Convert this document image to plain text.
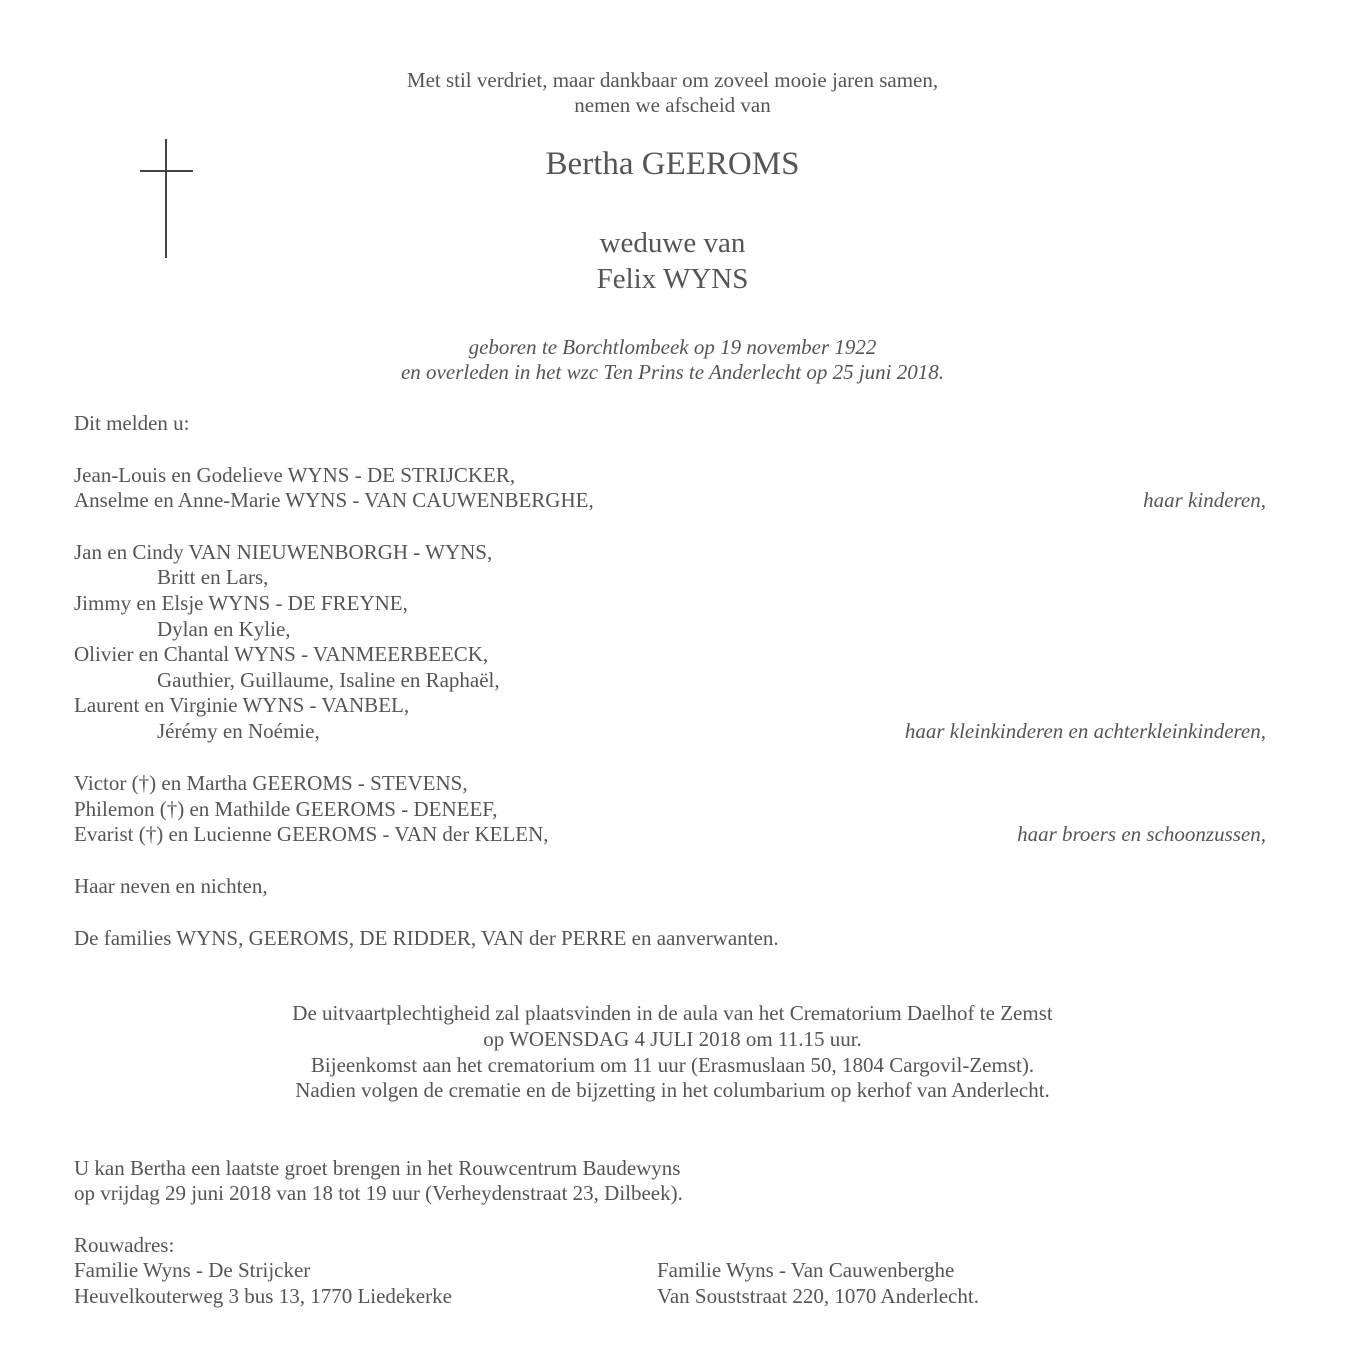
Met stil verdriet, maar dankbaar om zoveel mooie jaren samen,
nemen we afscheid van
Bertha GEEROMS
weduwe van
Felix WYNS
geboren te Borchtlombeek op 19 november 1922
en overleden in het wzc Ten Prins te Anderlecht op 25 juni 2018.
Dit melden u:
Jean-Louis en Godelieve WYNS - DE STRIJCKER,
Anselme en Anne-Marie WYNS - VAN CAUWENBERGHE,	haar kinderen,
Jan en Cindy VAN NIEUWENBORGH - WYNS,
Britt en Lars,
Jimmy en Elsje WYNS - DE FREYNE,
Dylan en Kylie,
Olivier en Chantal WYNS - VANMEERBEECK,
Gauthier, Guillaume, Isaline en Raphaël,
Laurent en Virginie WYNS - VANBEL,
Jérémy en Noémie,	haar kleinkinderen en achterkleinkinderen,
Victor (†) en Martha GEEROMS - STEVENS,
Philemon (†) en Mathilde GEEROMS - DENEEF,
Evarist (†) en Lucienne GEEROMS - VAN der KELEN,	haar broers en schoonzussen,
Haar neven en nichten,
De families WYNS, GEEROMS, DE RIDDER, VAN der PERRE en aanverwanten.
De uitvaartplechtigheid zal plaatsvinden in de aula van het Crematorium Daelhof te Zemst
op WOENSDAG 4 JULI 2018 om 11.15 uur.
Bijeenkomst aan het crematorium om 11 uur (Erasmuslaan 50, 1804 Cargovil-Zemst).
Nadien volgen de crematie en de bijzetting in het columbarium op kerhof van Anderlecht.
U kan Bertha een laatste groet brengen in het Rouwcentrum Baudewyns
op vrijdag 29 juni 2018 van 18 tot 19 uur (Verheydenstraat 23, Dilbeek).
Rouwadres:
Familie Wyns - De Strijcker
Heuvelkouterweg 3 bus 13, 1770 Liedekerke
Familie Wyns - Van Cauwenberghe
Van Souststraat 220, 1070 Anderlecht.
